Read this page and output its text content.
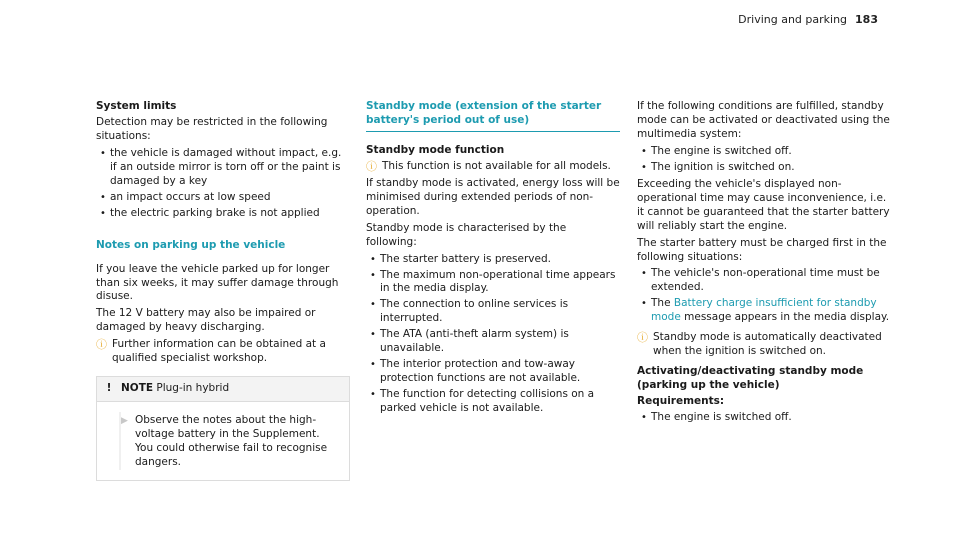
Driving and parking 183

System limits

Detection may be restricted in the following situations:

• the vehicle is damaged without impact, e.g. if an outside mirror is torn off or the paint is damaged by a key
• an impact occurs at low speed
• the electric parking brake is not applied

Notes on parking up the vehicle

If you leave the vehicle parked up for longer than six weeks, it may suffer damage through disuse.

The 12 V battery may also be impaired or damaged by heavy discharging.

ⓘ Further information can be obtained at a qualified specialist workshop.
! NOTE Plug-in hybrid
▶ Observe the notes about the high-voltage battery in the Supplement. You could otherwise fail to recognise dangers.

Standby mode (extension of the starter battery's period out of use)

Standby mode function

ⓘ This function is not available for all models.

If standby mode is activated, energy loss will be minimised during extended periods of non-operation.

Standby mode is characterised by the following:

• The starter battery is preserved.
• The maximum non-operational time appears in the media display.
• The connection to online services is interrupted.
• The ATA (anti-theft alarm system) is unavailable.
• The interior protection and tow-away protection functions are not available.
• The function for detecting collisions on a parked vehicle is not available.

If the following conditions are fulfilled, standby mode can be activated or deactivated using the multimedia system:

• The engine is switched off.
• The ignition is switched on.

Exceeding the vehicle's displayed non-operational time may cause inconvenience, i.e. it cannot be guaranteed that the starter battery will reliably start the engine.

The starter battery must be charged first in the following situations:

• The vehicle's non-operational time must be extended.
• The Battery charge insufficient for standby mode message appears in the media display.
ⓘ Standby mode is automatically deactivated when the ignition is switched on.

Activating/deactivating standby mode (parking up the vehicle)

Requirements:

• The engine is switched off.
